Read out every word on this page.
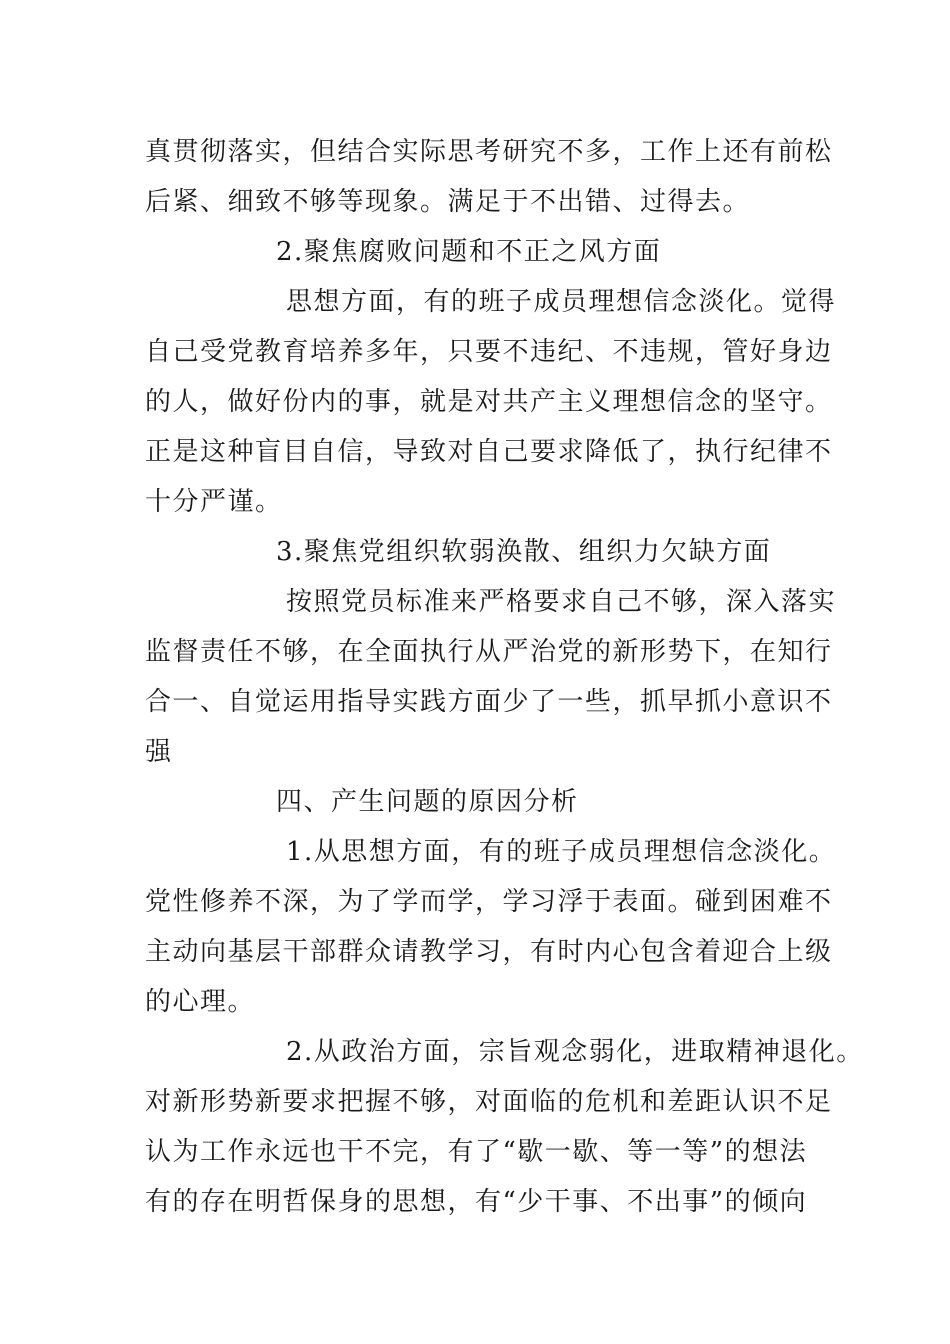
真贯彻落实，但结合实际思考研究不多，工作上还有前松
后紧、细致不够等现象。满足于不出错、过得去。
2.聚焦腐败问题和不正之风方面
思想方面，有的班子成员理想信念淡化。觉得
自己受党教育培养多年，只要不违纪、不违规，管好身边
的人，做好份内的事，就是对共产主义理想信念的坚守。
正是这种盲目自信，导致对自己要求降低了，执行纪律不
十分严谨。
3.聚焦党组织软弱涣散、组织力欠缺方面
按照党员标准来严格要求自己不够，深入落实
监督责任不够，在全面执行从严治党的新形势下，在知行
合一、自觉运用指导实践方面少了一些，抓早抓小意识不
强
四、产生问题的原因分析
1.从思想方面，有的班子成员理想信念淡化。
党性修养不深，为了学而学，学习浮于表面。碰到困难不
主动向基层干部群众请教学习，有时内心包含着迎合上级
的心理。
2.从政治方面，宗旨观念弱化，进取精神退化。
对新形势新要求把握不够，对面临的危机和差距认识不足
认为工作永远也干不完，有了“歇一歇、等一等”的想法
有的存在明哲保身的思想，有“少干事、不出事”的倾向
